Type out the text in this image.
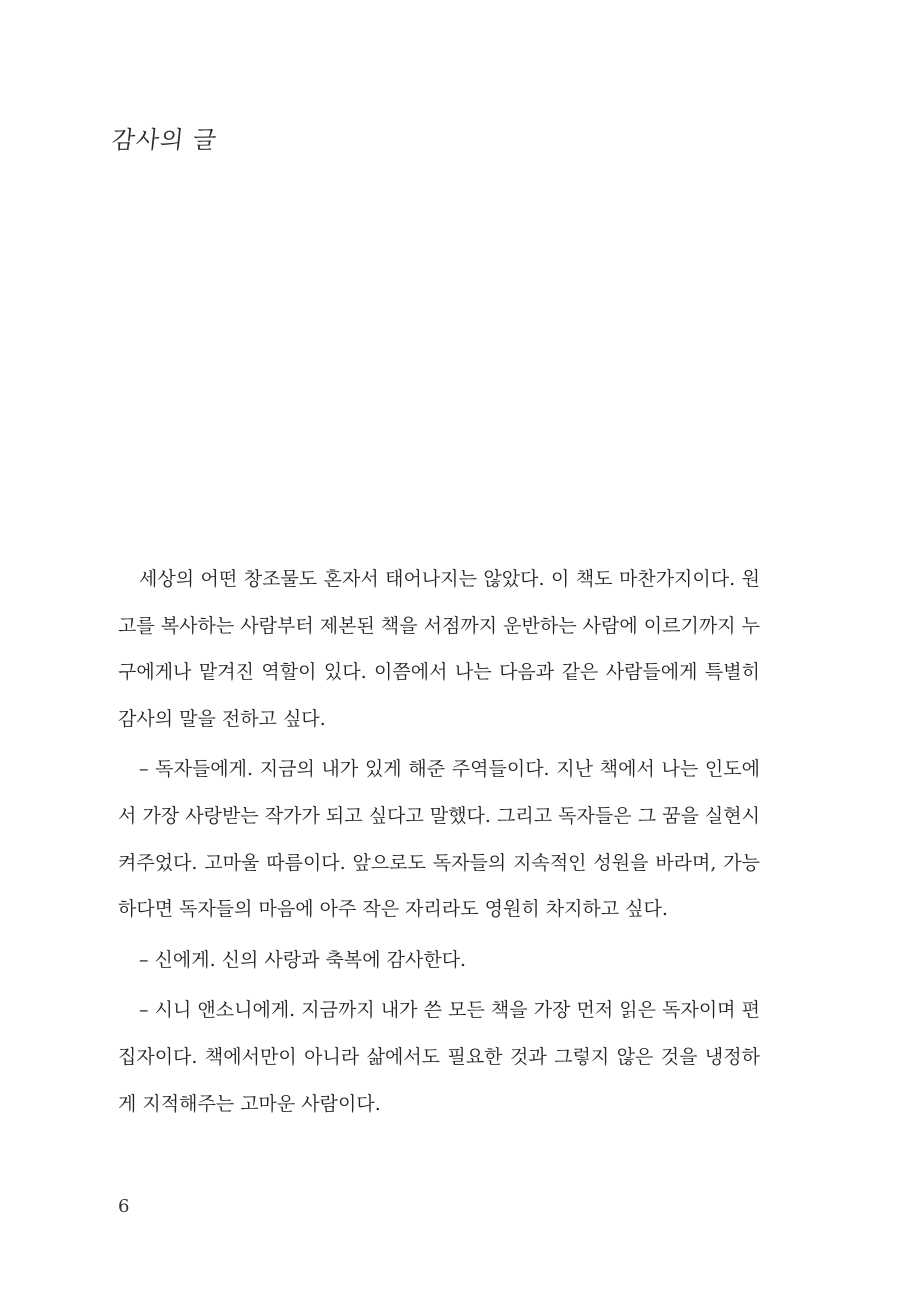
감사의 글

세상의 어떤 창조물도 혼자서 태어나지는 않았다. 이 책도 마찬가지이다. 원고를 복사하는 사람부터 제본된 책을 서점까지 운반하는 사람에 이르기까지 누구에게나 맡겨진 역할이 있다. 이쯤에서 나는 다음과 같은 사람들에게 특별히 감사의 말을 전하고 싶다.

– 독자들에게. 지금의 내가 있게 해준 주역들이다. 지난 책에서 나는 인도에서 가장 사랑받는 작가가 되고 싶다고 말했다. 그리고 독자들은 그 꿈을 실현시켜주었다. 고마울 따름이다. 앞으로도 독자들의 지속적인 성원을 바라며, 가능하다면 독자들의 마음에 아주 작은 자리라도 영원히 차지하고 싶다.

– 신에게. 신의 사랑과 축복에 감사한다.

– 시니 앤소니에게. 지금까지 내가 쓴 모든 책을 가장 먼저 읽은 독자이며 편집자이다. 책에서만이 아니라 삶에서도 필요한 것과 그렇지 않은 것을 냉정하게 지적해주는 고마운 사람이다.

6
